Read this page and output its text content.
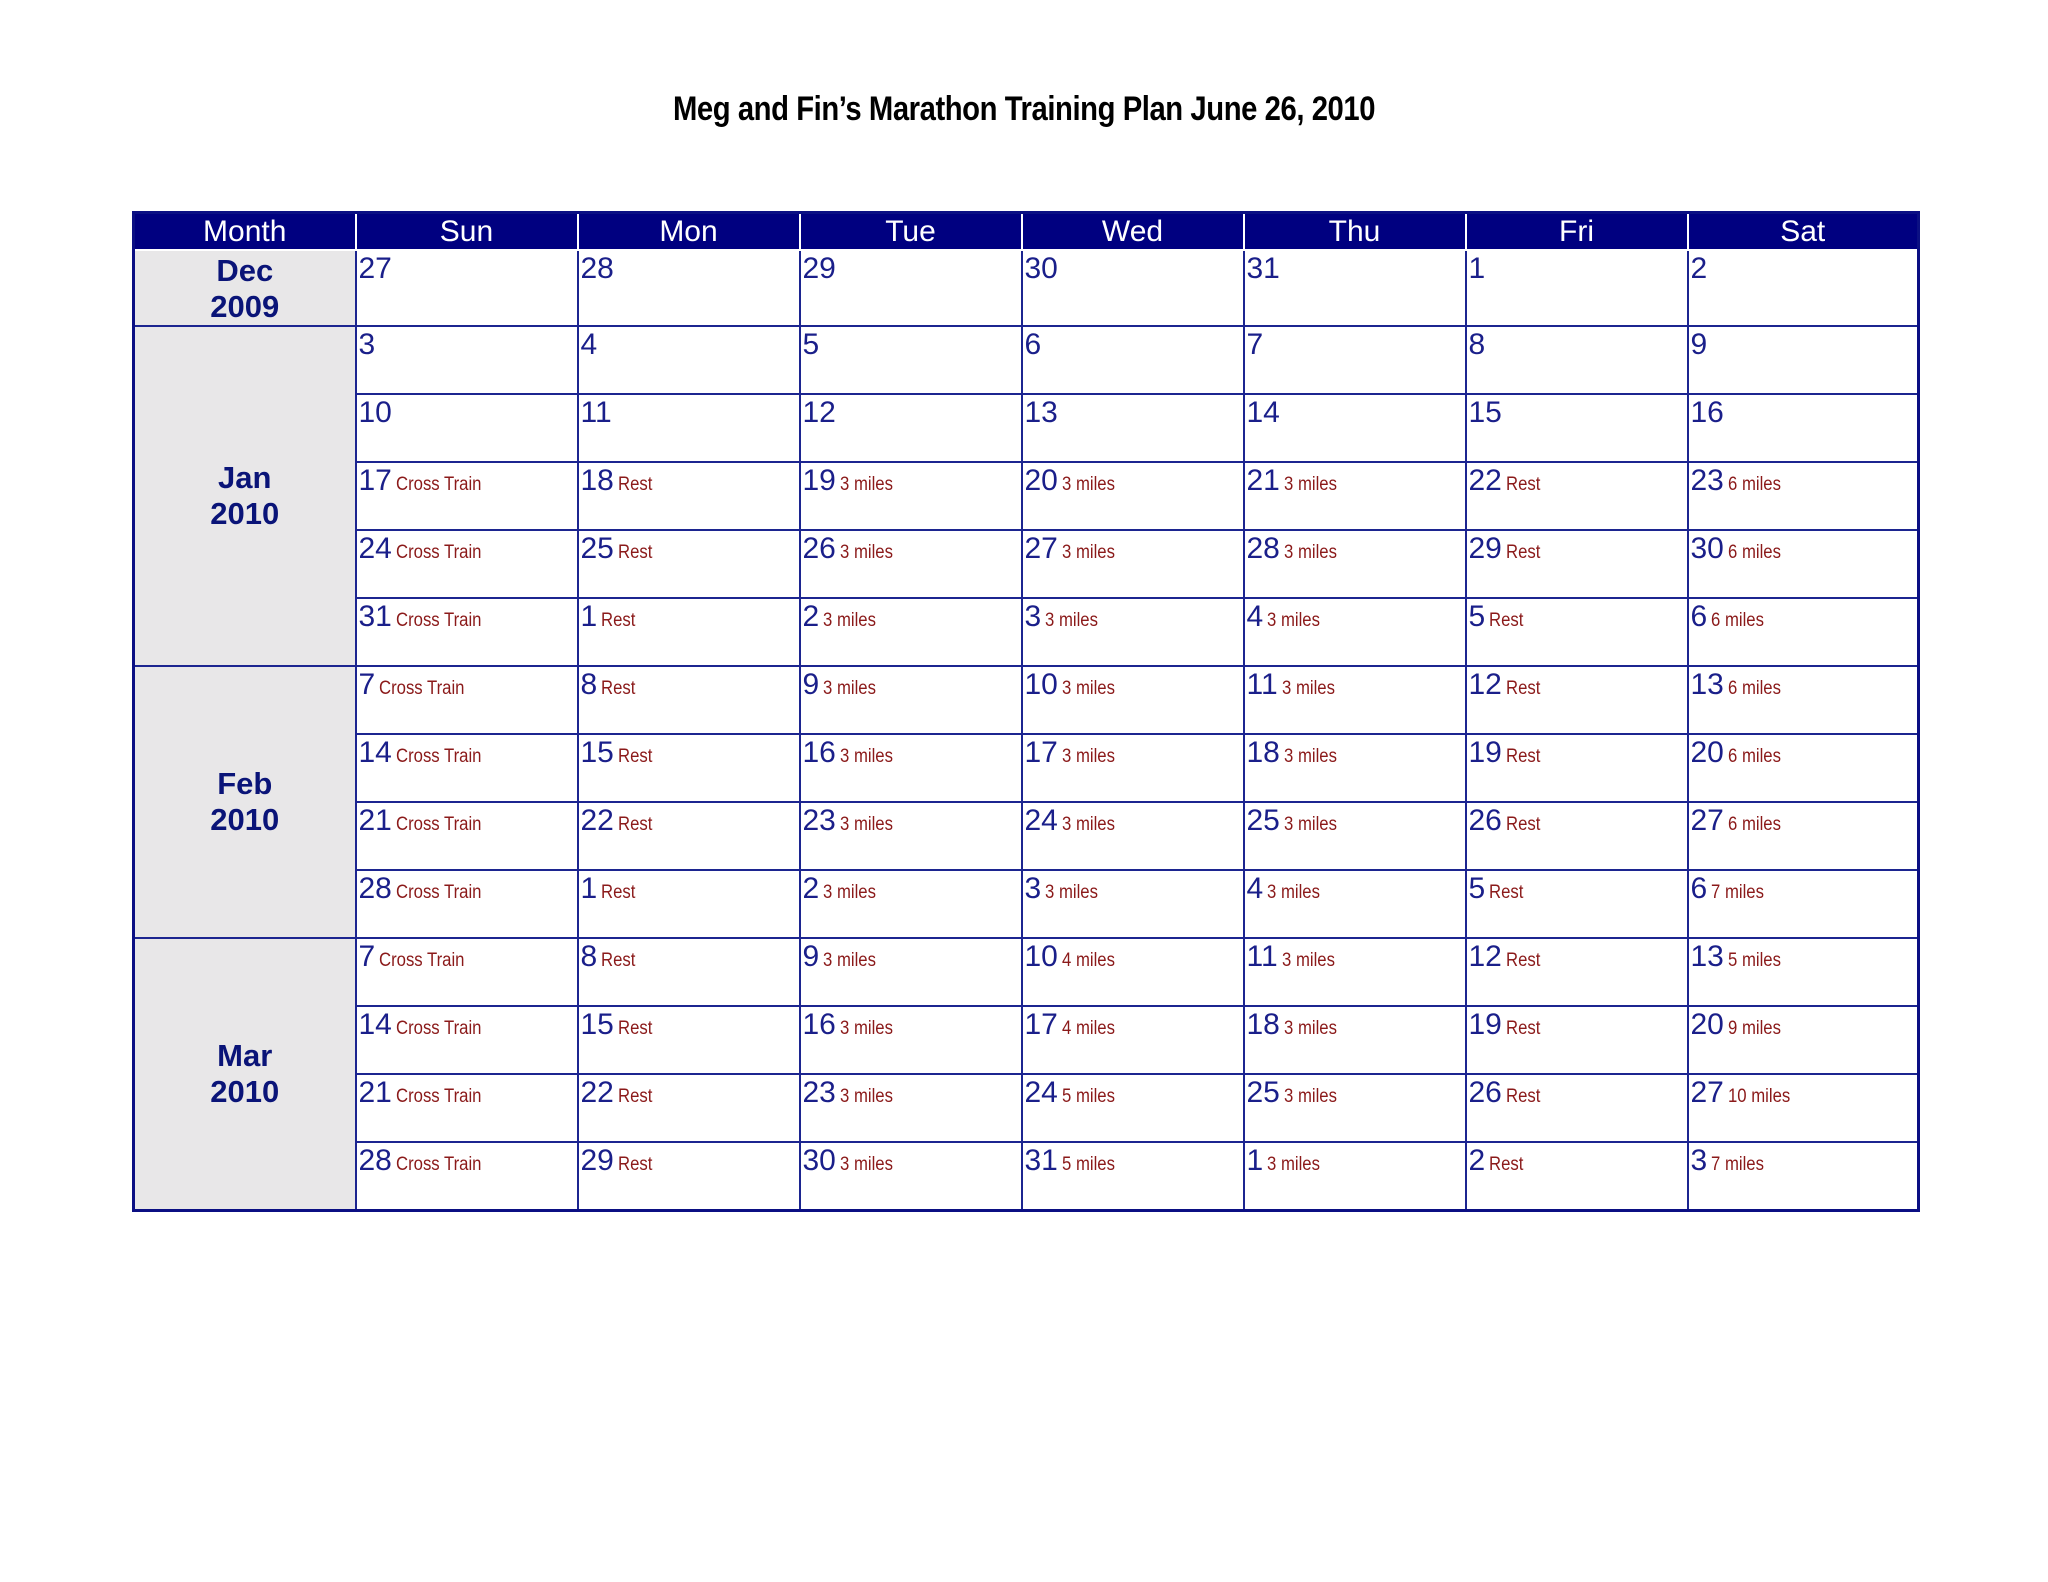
Meg and Fin’s Marathon Training Plan June 26, 2010
Month	Sun	Mon	Tue	Wed	Thu	Fri	Sat

Dec
2009	27	28	29	30	31	1	2

Jan
2010	3	4	5	6	7	8	9
	10	11	12	13	14	15	16
	17 Cross Train	18 Rest	19 3 miles	20 3 miles	21 3 miles	22 Rest	23 6 miles
	24 Cross Train	25 Rest	26 3 miles	27 3 miles	28 3 miles	29 Rest	30 6 miles
	31 Cross Train	1 Rest	2 3 miles	3 3 miles	4 3 miles	5 Rest	6 6 miles

Feb
2010	7 Cross Train	8 Rest	9 3 miles	10 3 miles	11 3 miles	12 Rest	13 6 miles
	14 Cross Train	15 Rest	16 3 miles	17 3 miles	18 3 miles	19 Rest	20 6 miles
	21 Cross Train	22 Rest	23 3 miles	24 3 miles	25 3 miles	26 Rest	27 6 miles
	28 Cross Train	1 Rest	2 3 miles	3 3 miles	4 3 miles	5 Rest	6 7 miles

Mar
2010	7 Cross Train	8 Rest	9 3 miles	10 4 miles	11 3 miles	12 Rest	13 5 miles
	14 Cross Train	15 Rest	16 3 miles	17 4 miles	18 3 miles	19 Rest	20 9 miles
	21 Cross Train	22 Rest	23 3 miles	24 5 miles	25 3 miles	26 Rest	27 10 miles
	28 Cross Train	29 Rest	30 3 miles	31 5 miles	1 3 miles	2 Rest	3 7 miles
